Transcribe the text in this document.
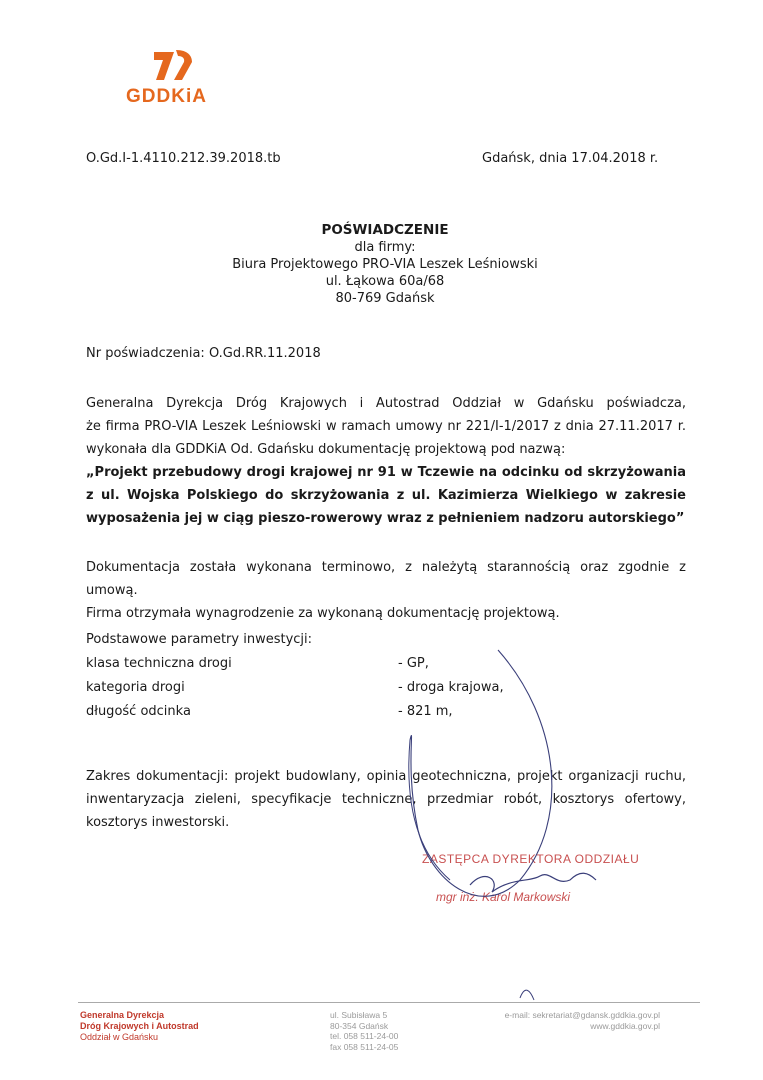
GDDKiA
O.Gd.I-1.4110.212.39.2018.tb	Gdańsk, dnia 17.04.2018 r.
POŚWIADCZENIE
dla firmy:
Biura Projektowego PRO-VIA Leszek Leśniowski
ul. Łąkowa 60a/68
80-769 Gdańsk
Nr poświadczenia: O.Gd.RR.11.2018
Generalna Dyrekcja Dróg Krajowych i Autostrad Oddział w Gdańsku poświadcza,
że firma PRO-VIA Leszek Leśniowski w ramach umowy nr 221/I-1/2017 z dnia 27.11.2017 r.
wykonała dla GDDKiA Od. Gdańsku dokumentację projektową pod nazwą:
„Projekt przebudowy drogi krajowej nr 91 w Tczewie na odcinku od skrzyżowania
z ul. Wojska Polskiego do skrzyżowania z ul. Kazimierza Wielkiego w zakresie
wyposażenia jej w ciąg pieszo-rowerowy wraz z pełnieniem nadzoru autorskiego”
Dokumentacja została wykonana terminowo, z należytą starannością oraz zgodnie z umową.
Firma otrzymała wynagrodzenie za wykonaną dokumentację projektową.
Podstawowe parametry inwestycji:
klasa techniczna drogi	- GP,
kategoria drogi	- droga krajowa,
długość odcinka	- 821 m,
Zakres dokumentacji: projekt budowlany, opinia geotechniczna, projekt organizacji ruchu,
inwentaryzacja zieleni, specyfikacje techniczne, przedmiar robót, kosztorys ofertowy,
kosztorys inwestorski.
ZASTĘPCA DYREKTORA ODDZIAŁU
mgr inż. Karol Markowski
Generalna Dyrekcja
Dróg Krajowych i Autostrad
Oddział w Gdańsku
ul. Subisława 5
80-354 Gdańsk
tel. 058 511-24-00
fax 058 511-24-05
e-mail: sekretariat@gdansk.gddkia.gov.pl
www.gddkia.gov.pl
